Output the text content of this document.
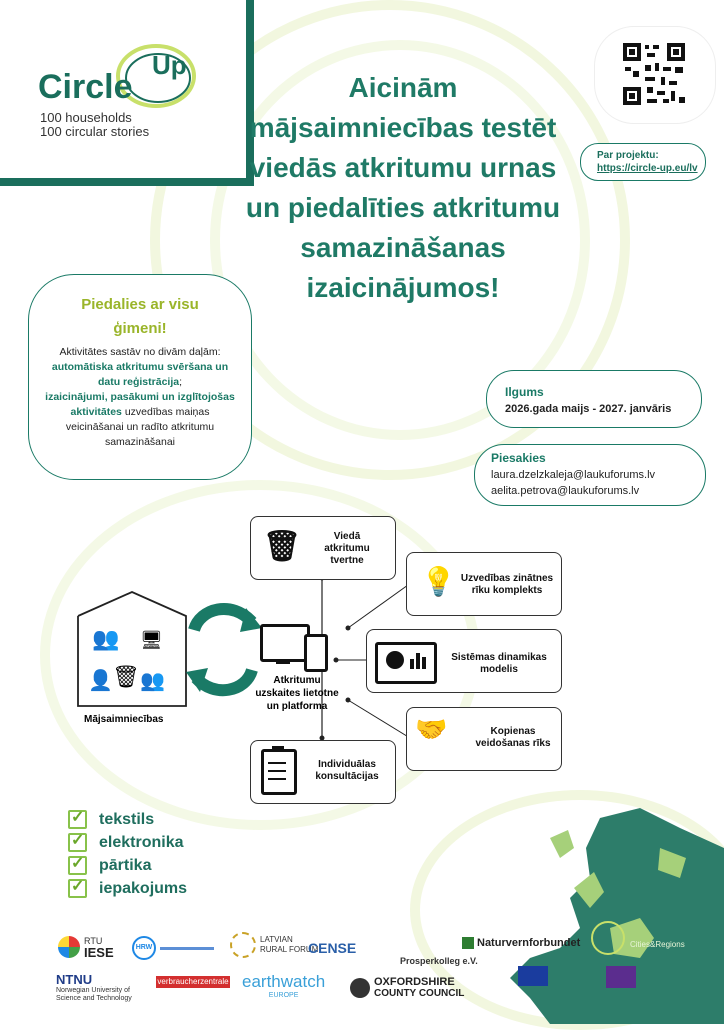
Circle
Up
100 households
100 circular stories
Aicinām mājsaimniecības testēt viedās atkritumu urnas un piedalīties atkritumu samazināšanas izaicinājumos!
Par projektu:
https://circle-up.eu/lv
Piedalies ar visu ģimeni!
Aktivitātes sastāv no divām daļām:
automātiska atkritumu svēršana un datu reģistrācija;
izaicinājumi, pasākumi un izglītojošas aktivitātes uzvedības maiņas veicināšanai un radīto atkritumu samazināšanai
Ilgums
2026.gada maijs - 2027. janvāris
Piesakies
laura.dzelzkaleja@laukuforums.lv
aelita.petrova@laukuforums.lv
👥 🖥
👤 🗑 👥
Mājsaimniecības
Atkritumu uzskaites lietotne un platforma
🗑	Viedā atkritumu tvertne
💡 Uzvedības zinātnes rīku komplekts
Sistēmas dinamikas modelis
🤝	Kopienas veidošanas rīks
Individuālas konsultācijas
✓
tekstils
✓
elektronika
✓
pārtika
✓
iepakojums
Cities&Regions
RTU
IESE	HRW
LATVIAN RURAL FORUM
CENSE
Prosperkolleg e.V.
Naturvernforbundet
NTNU
Norwegian University of Science and Technology
verbraucherzentrale earthwatch
EUROPE
OXFORDSHIRE
COUNTY COUNCIL
